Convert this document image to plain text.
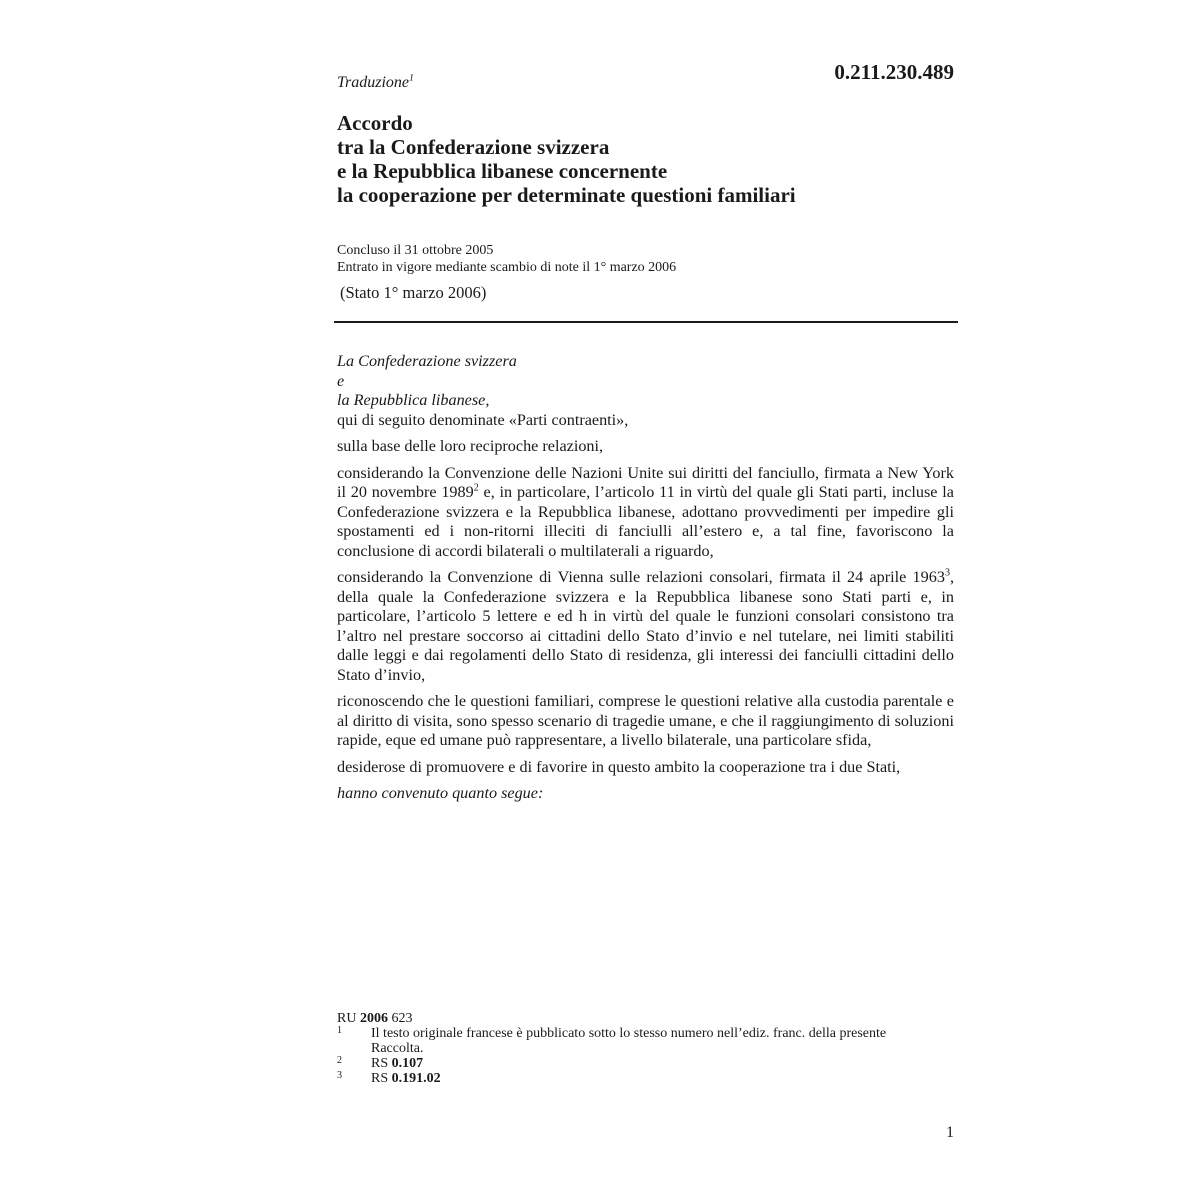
0.211.230.489
Traduzione$^1$
Accordo
tra la Confederazione svizzera
e la Repubblica libanese concernente
la cooperazione per determinate questioni familiari
Concluso il 31 ottobre 2005
Entrato in vigore mediante scambio di note il 1° marzo 2006
(Stato 1° marzo 2006)
La Confederazione svizzera
e
la Repubblica libanese,
qui di seguito denominate «Parti contraenti»,
sulla base delle loro reciproche relazioni,
considerando la Convenzione delle Nazioni Unite sui diritti del fanciullo, firmata a New York il 20 novembre 1989$^2$ e, in particolare, l’articolo 11 in virtù del quale gli Stati parti, incluse la Confederazione svizzera e la Repubblica libanese, adottano provvedimenti per impedire gli spostamenti ed i non-ritorni illeciti di fanciulli all’estero e, a tal fine, favoriscono la conclusione di accordi bilaterali o multilaterali a riguardo,
considerando la Convenzione di Vienna sulle relazioni consolari, firmata il 24 aprile 1963$^3$, della quale la Confederazione svizzera e la Repubblica libanese sono Stati parti e, in particolare, l’articolo 5 lettere e ed h in virtù del quale le funzioni consolari consistono tra l’altro nel prestare soccorso ai cittadini dello Stato d’invio e nel tutelare, nei limiti stabiliti dalle leggi e dai regolamenti dello Stato di residenza, gli interessi dei fanciulli cittadini dello Stato d’invio,
riconoscendo che le questioni familiari, comprese le questioni relative alla custodia parentale e al diritto di visita, sono spesso scenario di tragedie umane, e che il raggiungimento di soluzioni rapide, eque ed umane può rappresentare, a livello bilaterale, una particolare sfida,
desiderose di promuovere e di favorire in questo ambito la cooperazione tra i due Stati,
hanno convenuto quanto segue:
RU 2006 623
1 Il testo originale francese è pubblicato sotto lo stesso numero nell’ediz. franc. della presente Raccolta.
2 RS 0.107
3 RS 0.191.02
1
